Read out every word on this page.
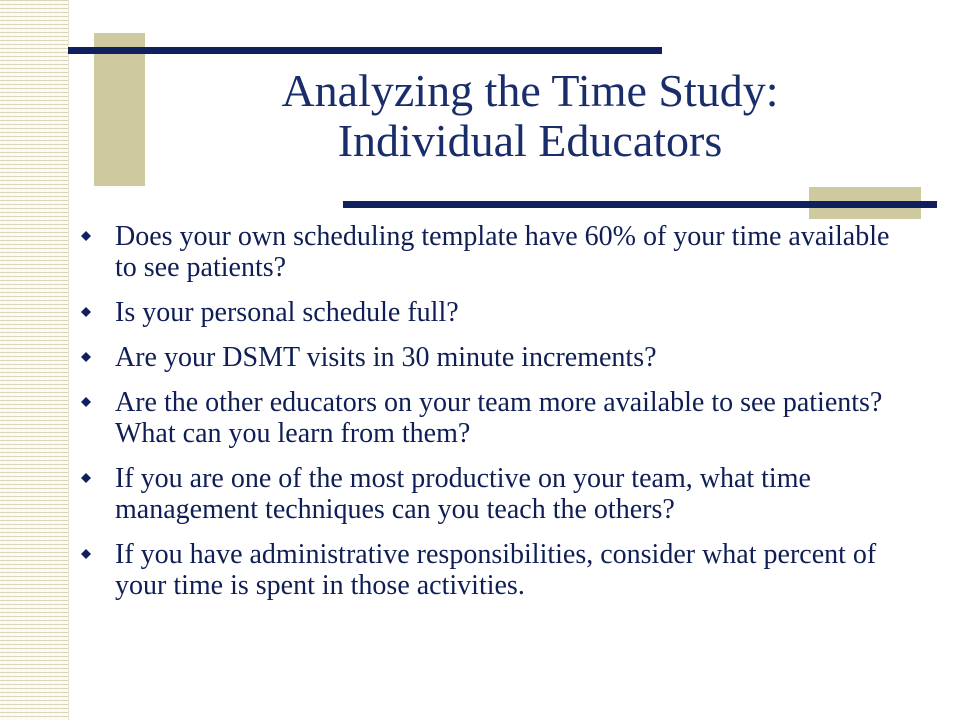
Analyzing the Time Study:
Individual Educators
Does your own scheduling template have 60% of your time available to see patients?
Is your personal schedule full?
Are your DSMT visits in 30 minute increments?
Are the other educators on your team more available to see patients? What can you learn from them?
If you are one of the most productive on your team, what time management techniques can you teach the others?
If you have administrative responsibilities, consider what percent of your time is spent in those activities.
